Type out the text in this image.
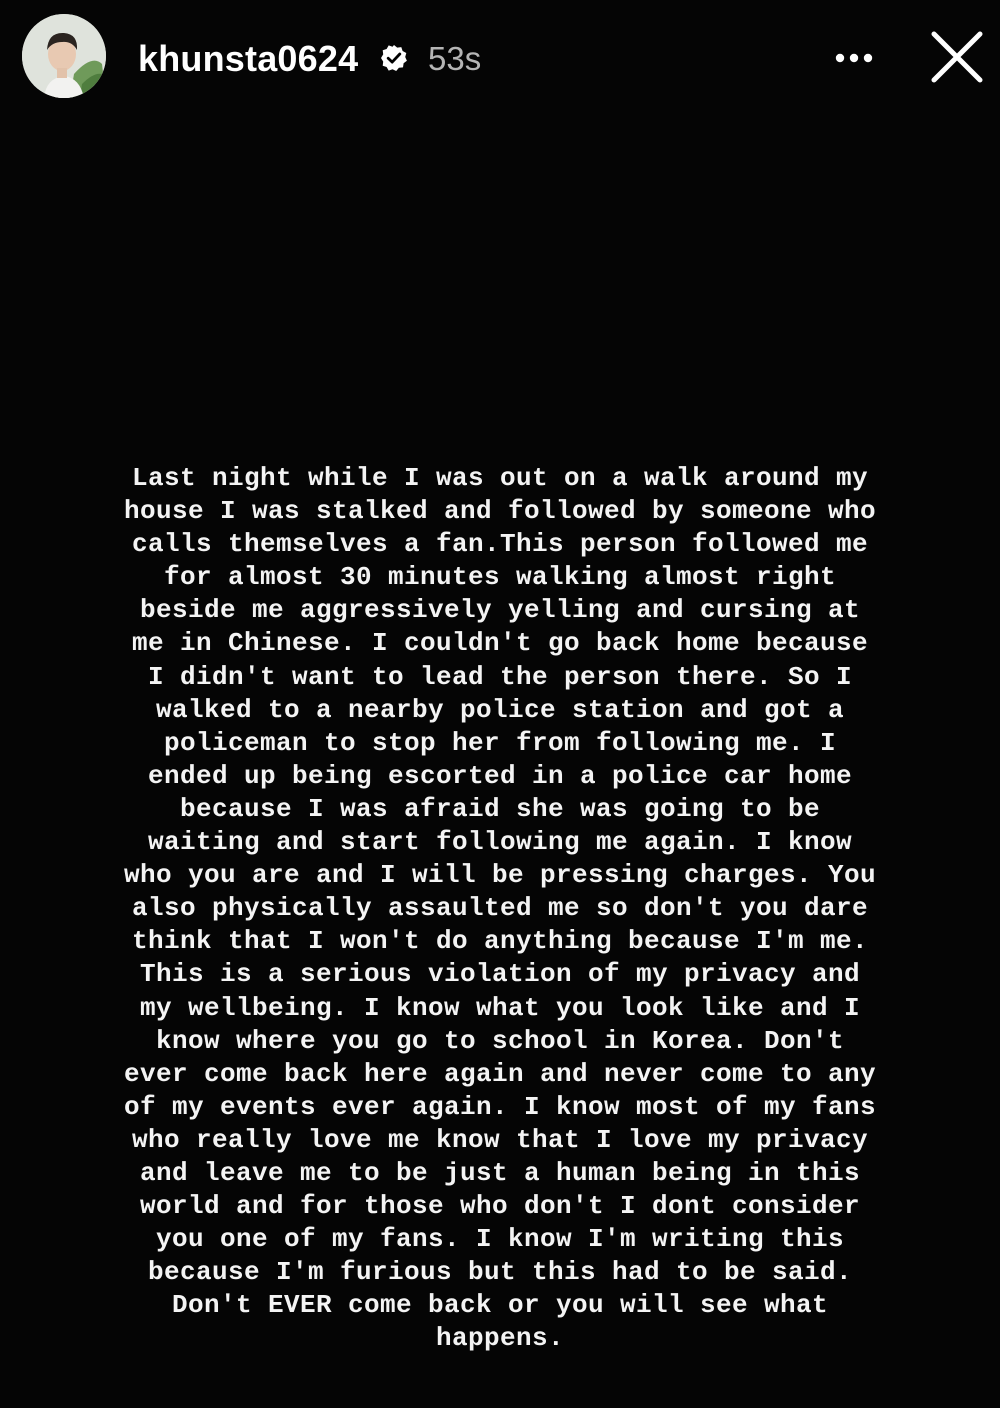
khunsta0624 53s

Last night while I was out on a walk around my
house I was stalked and followed by someone who
calls themselves a fan.This person followed me
for almost 30 minutes walking almost right
beside me aggressively yelling and cursing at
me in Chinese. I couldn't go back home because
I didn't want to lead the person there. So I
walked to a nearby police station and got a
policeman to stop her from following me. I
ended up being escorted in a police car home
because I was afraid she was going to be
waiting and start following me again. I know
who you are and I will be pressing charges. You
also physically assaulted me so don't you dare
think that I won't do anything because I'm me.
This is a serious violation of my privacy and
my wellbeing. I know what you look like and I
know where you go to school in Korea. Don't
ever come back here again and never come to any
of my events ever again. I know most of my fans
who really love me know that I love my privacy
and leave me to be just a human being in this
world and for those who don't I dont consider
you one of my fans. I know I'm writing this
because I'm furious but this had to be said.
Don't EVER come back or you will see what
happens.
